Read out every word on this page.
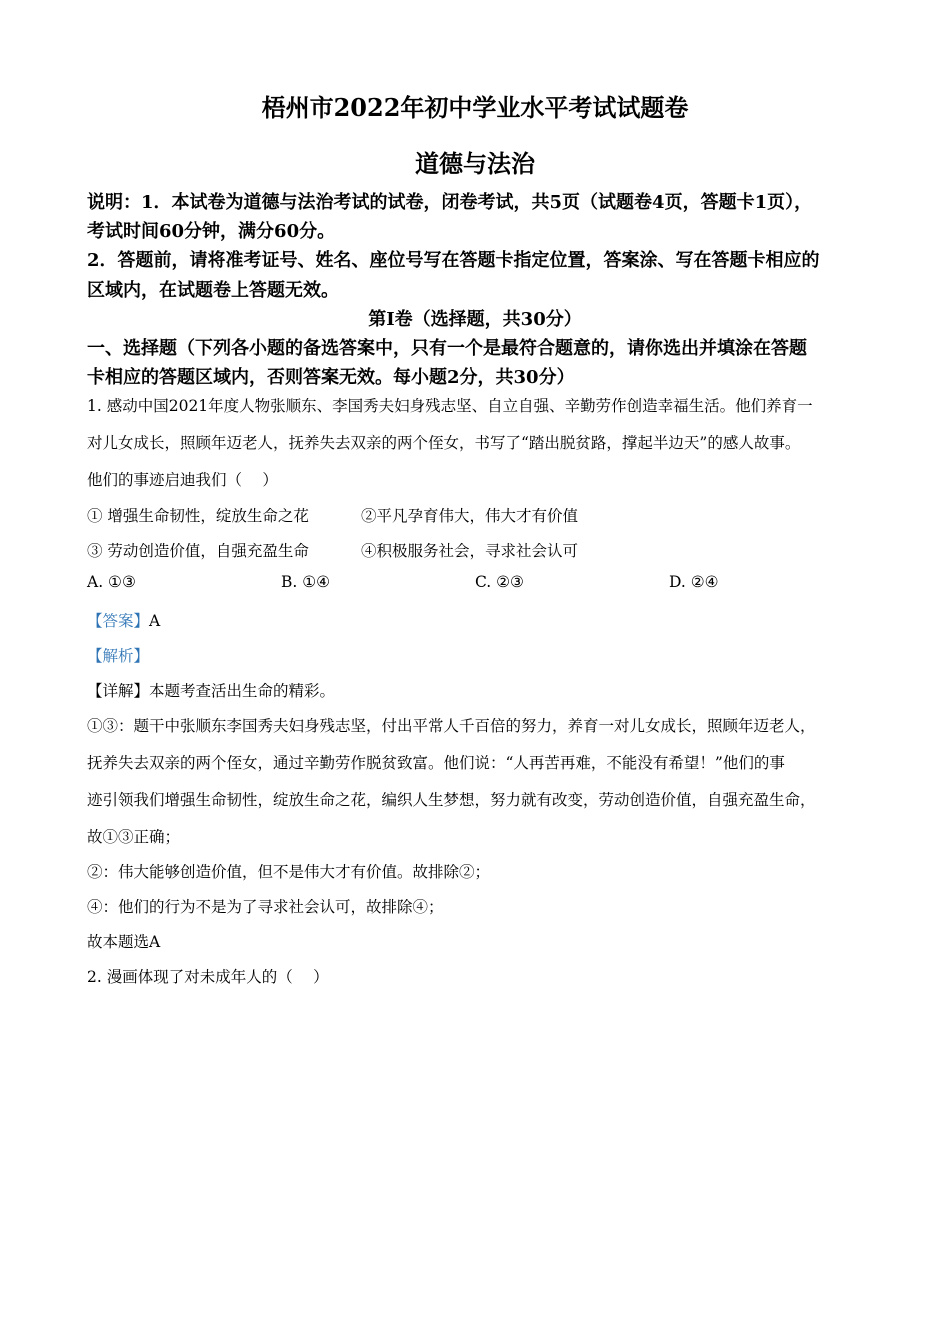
梧州市2022年初中学业水平考试试题卷
道德与法治
说明：1．本试卷为道德与法治考试的试卷，闭卷考试，共5页（试题卷4页，答题卡1页），
考试时间60分钟，满分60分。
2．答题前，请将准考证号、姓名、座位号写在答题卡指定位置，答案涂、写在答题卡相应的
区域内，在试题卷上答题无效。
第I卷（选择题，共30分）
一、选择题（下列各小题的备选答案中，只有一个是最符合题意的，请你选出并填涂在答题
卡相应的答题区域内，否则答案无效。每小题2分，共30分）
1. 感动中国2021年度人物张顺东、李国秀夫妇身残志坚、自立自强、辛勤劳作创造幸福生活。他们养育一
对儿女成长，照顾年迈老人，抚养失去双亲的两个侄女，书写了“踏出脱贫路，撑起半边天”的感人故事。
他们的事迹启迪我们（　 ）
① 增强生命韧性，绽放生命之花	②平凡孕育伟大，伟大才有价值
③ 劳动创造价值，自强充盈生命	④积极服务社会，寻求社会认可
A. ①③	B. ①④	C. ②③	D. ②④
【答案】A
【解析】
【详解】本题考查活出生命的精彩。
①③：题干中张顺东李国秀夫妇身残志坚，付出平常人千百倍的努力，养育一对儿女成长，照顾年迈老人，
抚养失去双亲的两个侄女，通过辛勤劳作脱贫致富。他们说：“人再苦再难，不能没有希望！”他们的事
迹引领我们增强生命韧性，绽放生命之花，编织人生梦想，努力就有改变，劳动创造价值，自强充盈生命，
故①③正确；
②：伟大能够创造价值，但不是伟大才有价值。故排除②；
④：他们的行为不是为了寻求社会认可，故排除④；
故本题选A
2. 漫画体现了对未成年人的（　 ）
